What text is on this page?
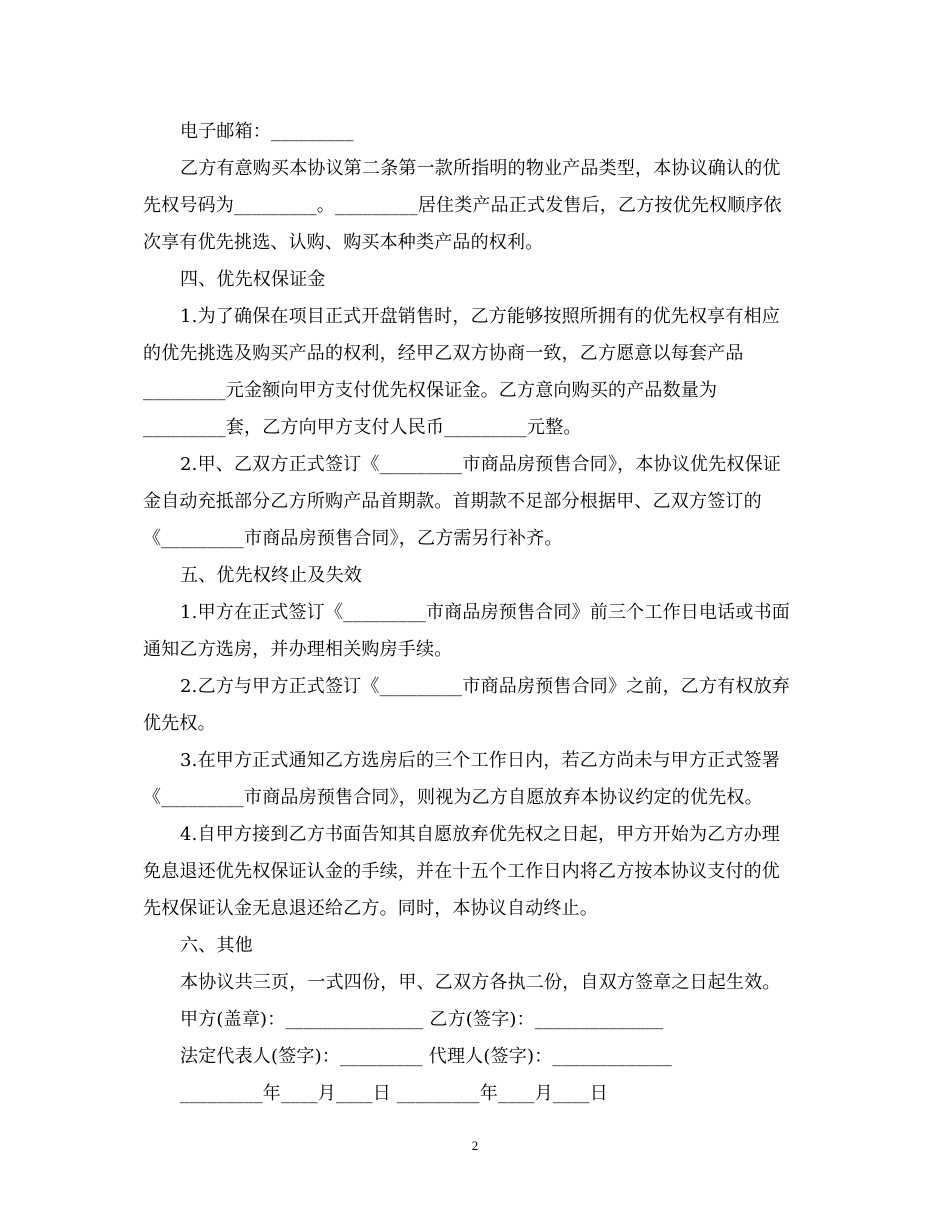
电子邮箱：_________
乙方有意购买本协议第二条第一款所指明的物业产品类型，本协议确认的优
先权号码为_________。_________居住类产品正式发售后，乙方按优先权顺序依
次享有优先挑选、认购、购买本种类产品的权利。
四、优先权保证金
1.为了确保在项目正式开盘销售时，乙方能够按照所拥有的优先权享有相应
的优先挑选及购买产品的权利，经甲乙双方协商一致，乙方愿意以每套产品
_________元金额向甲方支付优先权保证金。乙方意向购买的产品数量为
_________套，乙方向甲方支付人民币_________元整。
2.甲、乙双方正式签订《_________市商品房预售合同》，本协议优先权保证
金自动充抵部分乙方所购产品首期款。首期款不足部分根据甲、乙双方签订的
《_________市商品房预售合同》，乙方需另行补齐。
五、优先权终止及失效
1.甲方在正式签订《_________市商品房预售合同》前三个工作日电话或书面
通知乙方选房，并办理相关购房手续。
2.乙方与甲方正式签订《_________市商品房预售合同》之前，乙方有权放弃
优先权。
3.在甲方正式通知乙方选房后的三个工作日内，若乙方尚未与甲方正式签署
《_________市商品房预售合同》，则视为乙方自愿放弃本协议约定的优先权。
4.自甲方接到乙方书面告知其自愿放弃优先权之日起，甲方开始为乙方办理
免息退还优先权保证认金的手续，并在十五个工作日内将乙方按本协议支付的优
先权保证认金无息退还给乙方。同时，本协议自动终止。
六、其他
本协议共三页，一式四份，甲、乙双方各执二份，自双方签章之日起生效。
甲方(盖章)：_______________ 乙方(签字)：______________
法定代表人(签字)：_________ 代理人(签字)：_____________
_________年____月____日 _________年____月____日
2
